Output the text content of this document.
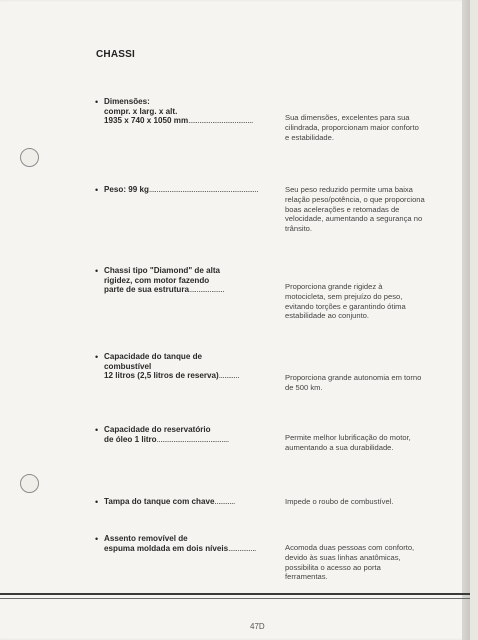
CHASSI
• Dimensões:
compr. x larg. x alt.
1935 x 740 x 1050 mm...................................	Sua dimensões, excelentes para sua cilindrada, proporcionam maior conforto e estabilidade.
• Peso: 99 kg...........................................................	Seu peso reduzido permite uma baixa relação peso/potência, o que proporciona boas acelerações e retomadas de velocidade, aumentando a segurança no trânsito.
• Chassi tipo "Diamond" de alta
rigidez, com motor fazendo
parte de sua estrutura...................	Proporciona grande rigidez à motocicleta, sem prejuízo do peso, evitando torções e garantindo ótima estabilidade ao conjunto.
• Capacidade do tanque de
combustível
12 litros (2,5 litros de reserva)...........	Proporciona grande autonomia em torno de 500 km.
• Capacidade do reservatório
de óleo 1 litro.......................................	Permite melhor lubrificação do motor, aumentando a sua durabilidade.
• Tampa do tanque com chave...........	Impede o roubo de combustível.
• Assento removível de
espuma moldada em dois níveis...............	Acomoda duas pessoas com conforto, devido às suas linhas anatômicas, possibilita o acesso ao porta ferramentas.
47D
